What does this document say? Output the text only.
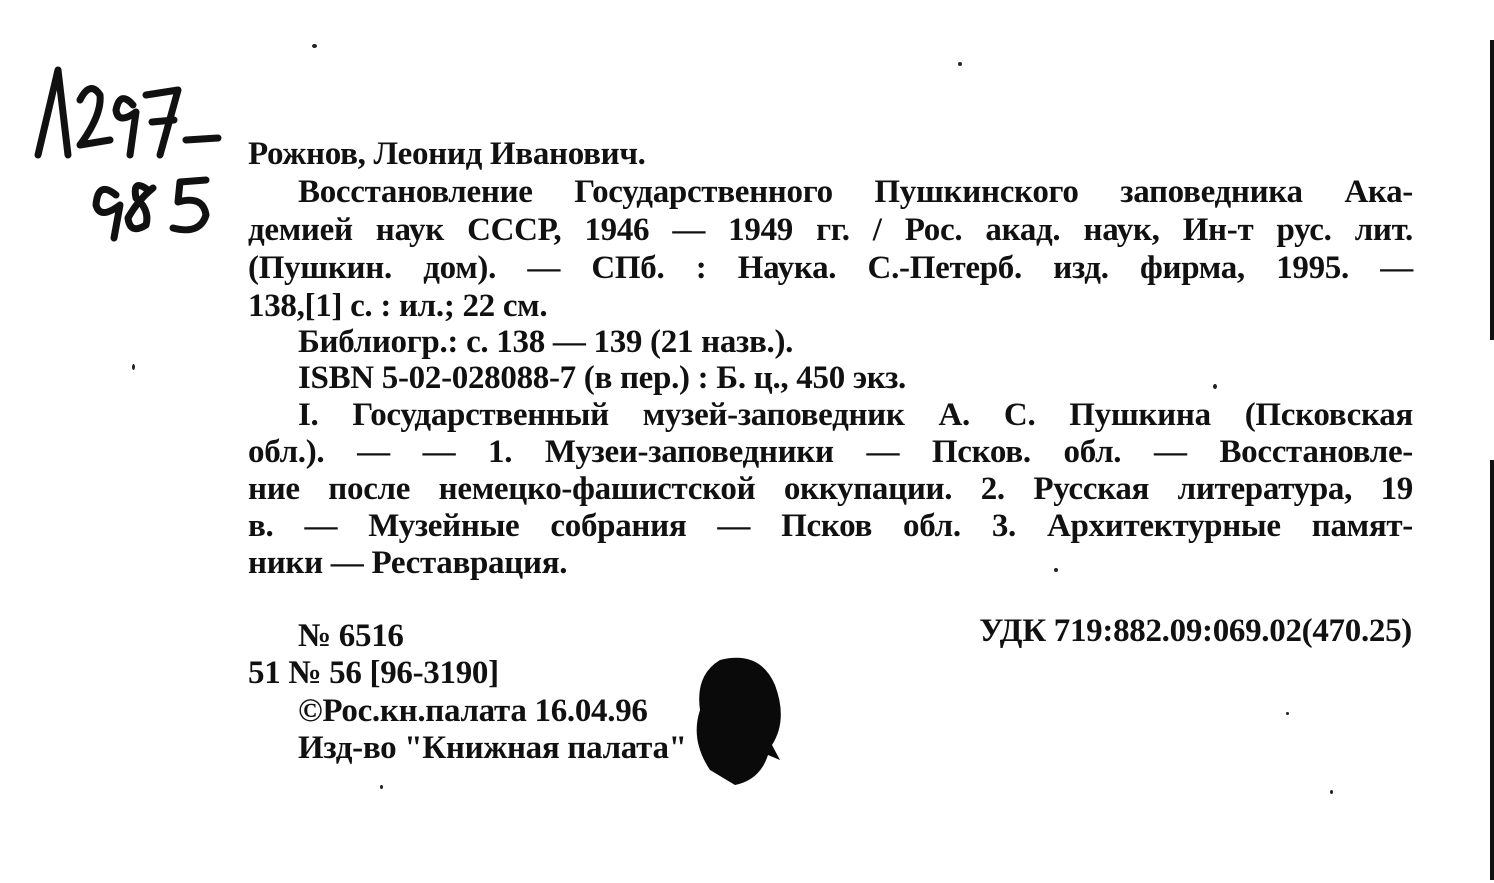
Рожнов, Леонид Иванович.
Восстановление Государственного Пушкинского заповедника Ака-
демией наук СССР, 1946 — 1949 гг. / Рос. акад. наук, Ин-т рус. лит.
(Пушкин. дом). — СПб. : Наука. С.-Петерб. изд. фирма, 1995. —
138,[1] с. : ил.; 22 см.
Библиогр.: с. 138 — 139 (21 назв.).
ISBN 5-02-028088-7 (в пер.) : Б. ц., 450 экз.
I. Государственный музей-заповедник А. С. Пушкина (Псковская
обл.). — — 1. Музеи-заповедники — Псков. обл. — Восстановле-
ние после немецко-фашистской оккупации. 2. Русская литература, 19
в. — Музейные собрания — Псков обл. 3. Архитектурные памят-
ники — Реставрация.
№ 6516	УДК 719:882.09:069.02(470.25)
51 № 56 [96-3190]
©Рос.кн.палата 16.04.96
Изд-во "Книжная палата"
